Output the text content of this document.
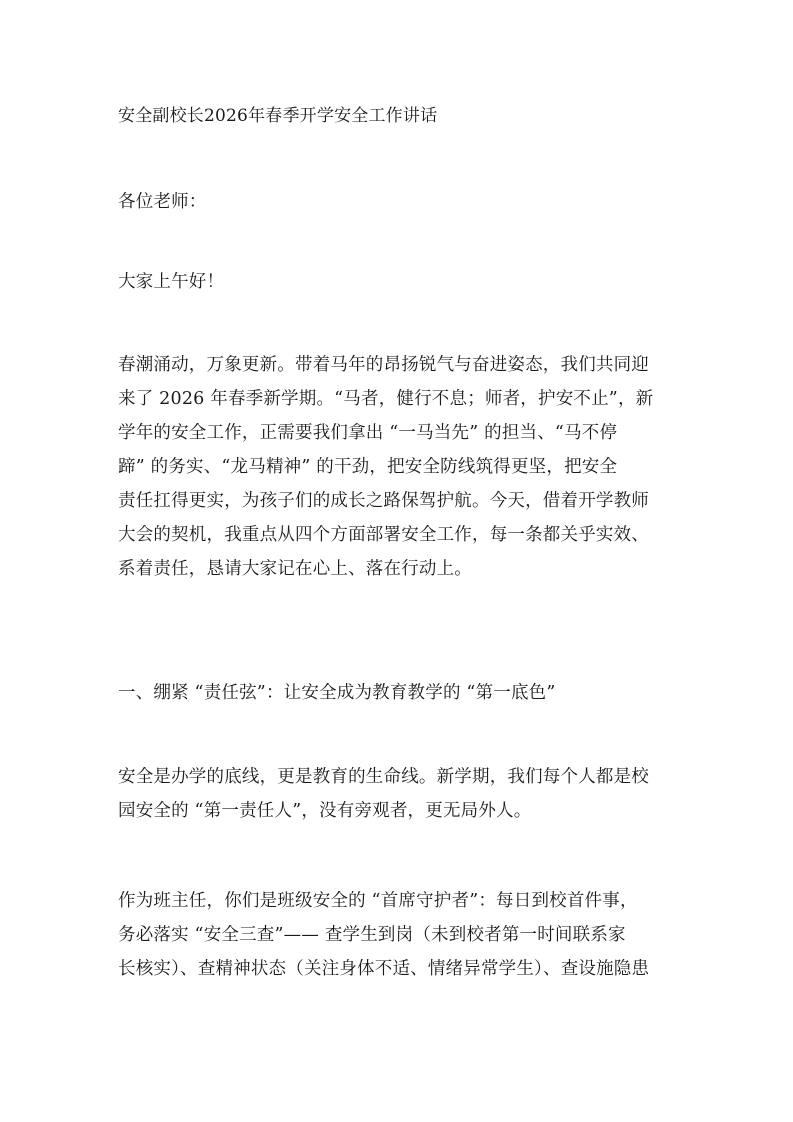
安全副校长2026年春季开学安全工作讲话
各位老师：
大家上午好！
春潮涌动，万象更新。带着马年的昂扬锐气与奋进姿态，我们共同迎
来了 2026 年春季新学期。“马者，健行不息；师者，护安不止”，新
学年的安全工作，正需要我们拿出 “一马当先” 的担当、“马不停
蹄” 的务实、“龙马精神” 的干劲，把安全防线筑得更坚，把安全
责任扛得更实，为孩子们的成长之路保驾护航。今天，借着开学教师
大会的契机，我重点从四个方面部署安全工作，每一条都关乎实效、
系着责任，恳请大家记在心上、落在行动上。
一、绷紧 “责任弦”：让安全成为教育教学的 “第一底色”
安全是办学的底线，更是教育的生命线。新学期，我们每个人都是校
园安全的 “第一责任人”，没有旁观者，更无局外人。
作为班主任，你们是班级安全的 “首席守护者”：每日到校首件事，
务必落实 “安全三查”—— 查学生到岗（未到校者第一时间联系家
长核实）、查精神状态（关注身体不适、情绪异常学生）、查设施隐患
